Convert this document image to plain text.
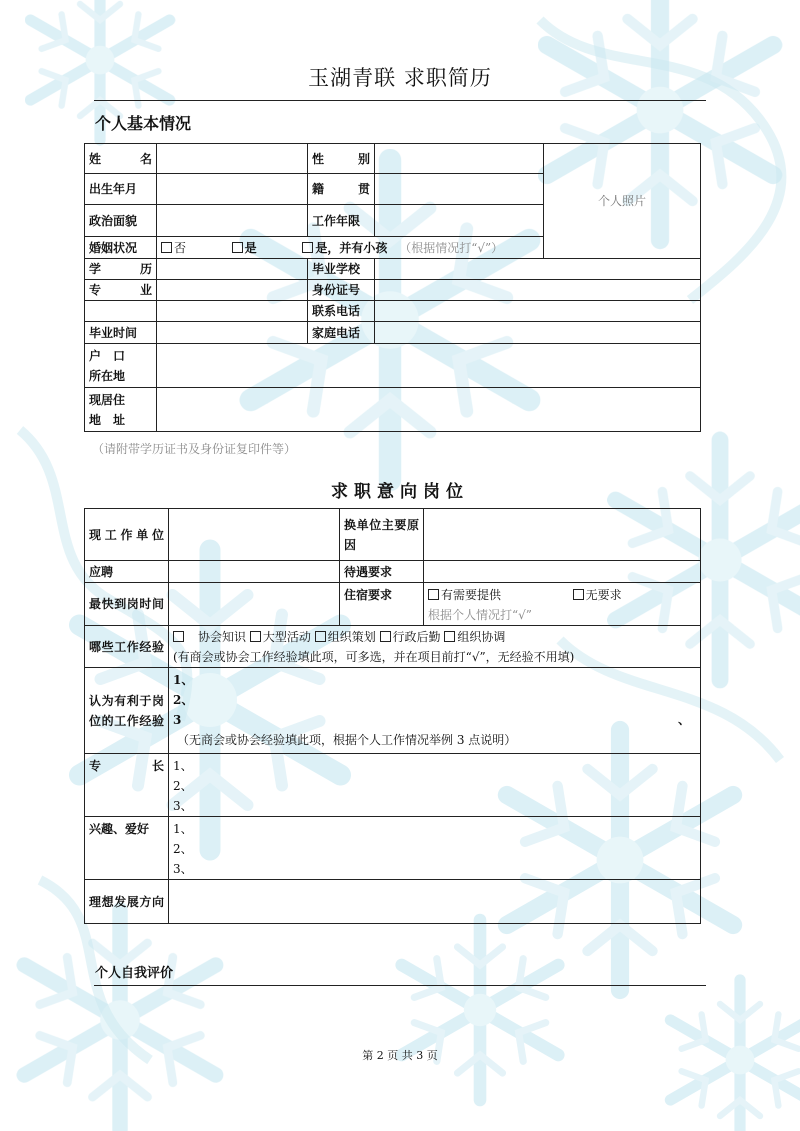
玉湖青联 求职简历
个人基本情况
姓　　名		性　　别		个人照片
出生年月		籍　　贯		
政治面貌		工作年限		
婚姻状况	否 是 是，并有小孩 （根据情况打“√”）			
学　　历		毕业学校		
专　　业		身份证号		
		联系电话		
毕业时间		家庭电话		

户　口
所在地				

现居住
地　址				

（请附带学历证书及身份证复印件等）
求职意向岗位
现工作单位		换单位主要原因	
应聘		待遇要求	
最快到岗时间		住宿要求	有需要提供 无要求
根据个人情况打“√”

哪些工作经验	　协会知识 大型活动 组织策划 行政后勤 组织协调
(有商会或协会工作经验填此项，可多选，并在项目前打“√”，无经验不用填)		

认为有利于岗位的工作经验	1、
2、
3 、
（无商会或协会经验填此项，根据个人工作情况举例 3 点说明）		

专　　长	1、
2、
3、		

兴趣、爱好	1、
2、
3、		

理想发展方向			
个人自我评价
第 2 页 共 3 页
